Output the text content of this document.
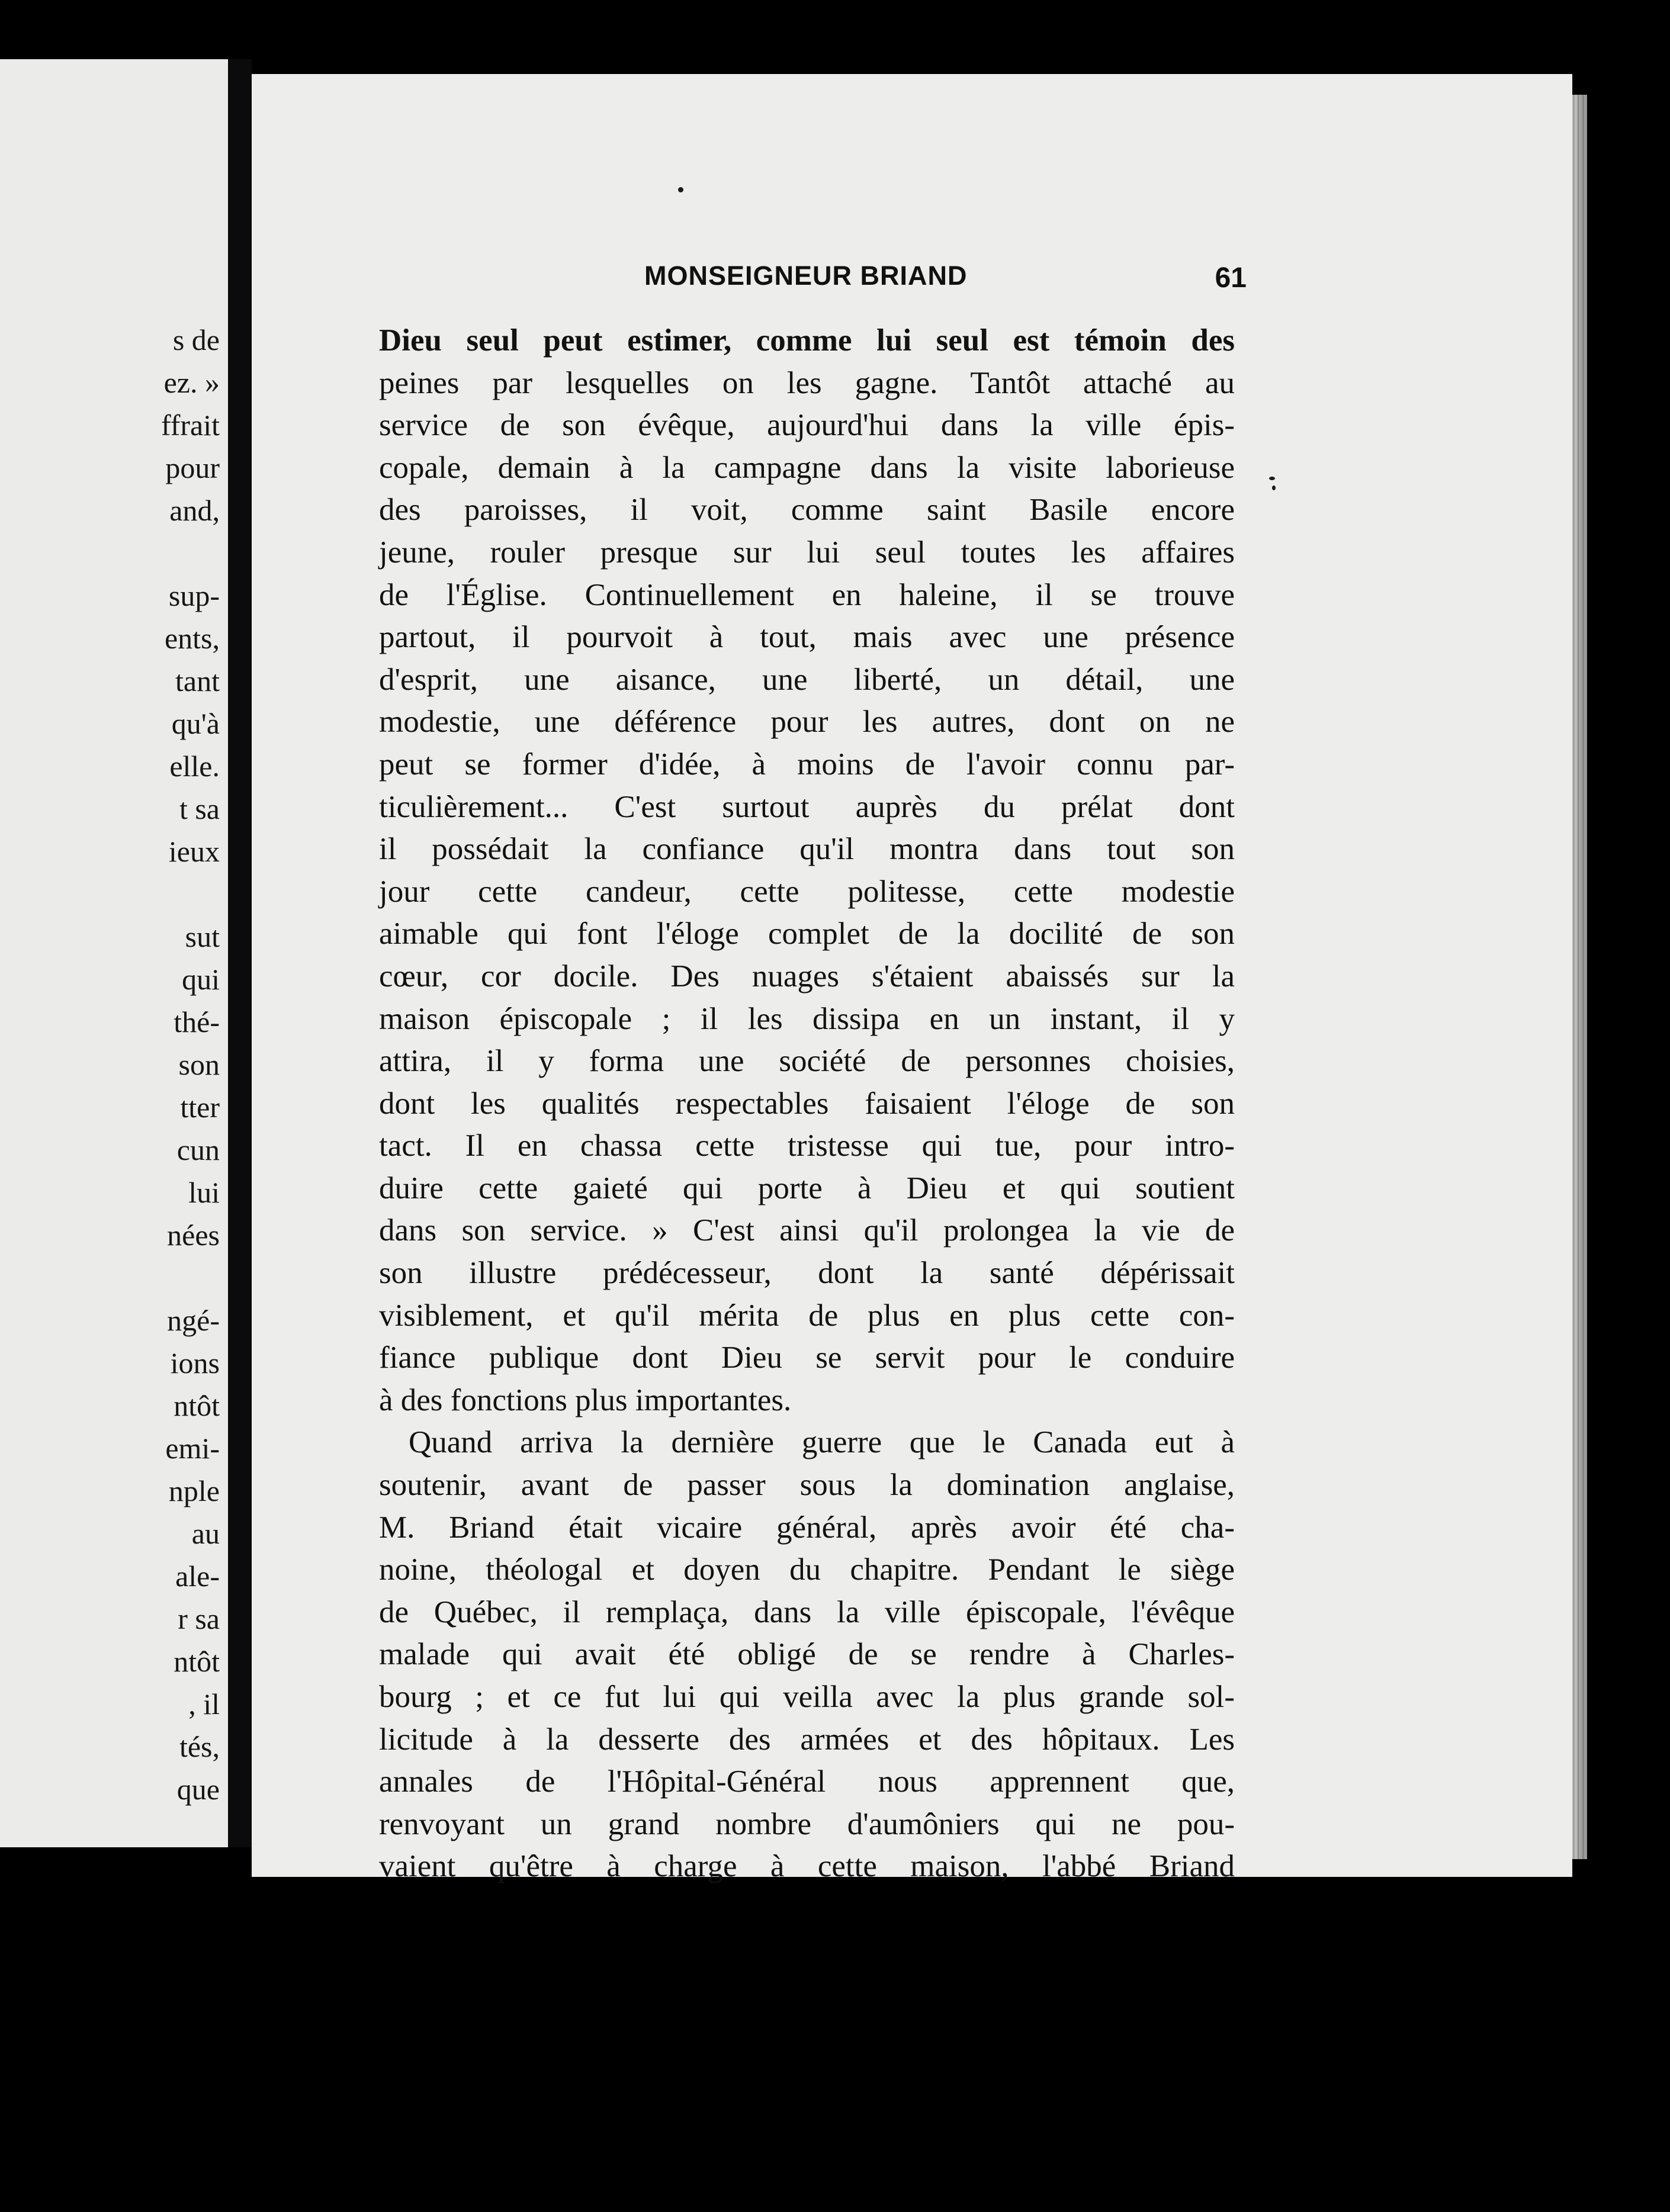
s de
ez. »
ffrait
pour
and,
sup-
ents,
tant
qu'à
elle.
t sa
ieux
sut
qui
thé-
son
tter
cun
lui
nées
ngé-
ions
ntôt
emi-
nple
au
ale-
r sa
ntôt
, il
tés,
que
MONSEIGNEUR BRIAND	61
Dieu seul peut estimer, comme lui seul est témoin des
peines par lesquelles on les gagne. Tantôt attaché au
service de son évêque, aujourd'hui dans la ville épis-
copale, demain à la campagne dans la visite laborieuse
des paroisses, il voit, comme saint Basile encore
jeune, rouler presque sur lui seul toutes les affaires
de l'Église. Continuellement en haleine, il se trouve
partout, il pourvoit à tout, mais avec une présence
d'esprit, une aisance, une liberté, un détail, une
modestie, une déférence pour les autres, dont on ne
peut se former d'idée, à moins de l'avoir connu par-
ticulièrement... C'est surtout auprès du prélat dont
il possédait la confiance qu'il montra dans tout son
jour cette candeur, cette politesse, cette modestie
aimable qui font l'éloge complet de la docilité de son
cœur, cor docile. Des nuages s'étaient abaissés sur la
maison épiscopale ; il les dissipa en un instant, il y
attira, il y forma une société de personnes choisies,
dont les qualités respectables faisaient l'éloge de son
tact. Il en chassa cette tristesse qui tue, pour intro-
duire cette gaieté qui porte à Dieu et qui soutient
dans son service. » C'est ainsi qu'il prolongea la vie de
son illustre prédécesseur, dont la santé dépérissait
visiblement, et qu'il mérita de plus en plus cette con-
fiance publique dont Dieu se servit pour le conduire
à des fonctions plus importantes.
Quand arriva la dernière guerre que le Canada eut à
soutenir, avant de passer sous la domination anglaise,
M. Briand était vicaire général, après avoir été cha-
noine, théologal et doyen du chapitre. Pendant le siège
de Québec, il remplaça, dans la ville épiscopale, l'évêque
malade qui avait été obligé de se rendre à Charles-
bourg ; et ce fut lui qui veilla avec la plus grande sol-
licitude à la desserte des armées et des hôpitaux. Les
annales de l'Hôpital-Général nous apprennent que,
renvoyant un grand nombre d'aumôniers qui ne pou-
vaient qu'être à charge à cette maison, l'abbé Briand
